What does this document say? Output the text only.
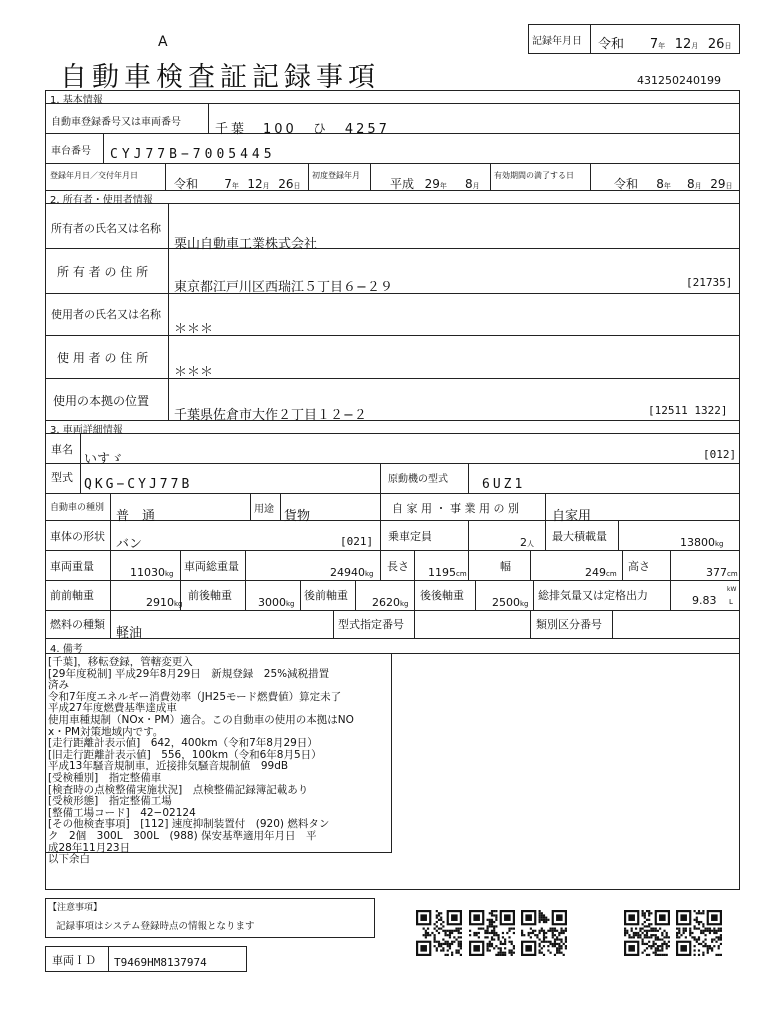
A
自動車検査証記録事項
記録年月日 令和 7年 12月 26日
431250240199
1. 基本情報
自動車登録番号又は車両番号	千葉　100　ひ　4257
車台番号 CYJ77B−7005445
登録年月日／交付年月日
令和 7年 12月 26日
初度登録年月
平成 29年 8月
有効期間の満了する日
令和 8年 8月 29日
2. 所有者・使用者情報
所有者の氏名又は名称
栗山自動車工業株式会社
所 有 者 の 住 所
東京都江戸川区西瑞江５丁目６−２９	[21735]
使用者の氏名又は名称
＊＊＊
使 用 者 の 住 所
＊＊＊
使用の本拠の位置
千葉県佐倉市大作２丁目１２−２	[12511 1322]
3. 車両詳細情報
車名
いすゞ	[012]
型式 QKG−CYJ77B	原動機の型式	6UZ1
自動車の種別
普　通	用途 貨物
自 家 用 ・ 事 業 用 の 別
自家用
車体の形状
バン	[021] 乗車定員	2人
最大積載量	13800kg
車両重量	11030kg
車両総重量	24940kg
長さ 1195cm
幅	249cm
高さ	377cm
前前軸重
2910kg
前後軸重
3000kg
後前軸重
2620kg
後後軸重
2500kg
総排気量又は定格出力	9.83
kW
L
燃料の種類
軽油
型式指定番号	類別区分番号
4. 備考
[千葉]，移転登録，管轄変更入
[29年度税制] 平成29年8月29日　新規登録　25%減税措置
済み
令和7年度エネルギー消費効率（JH25モード燃費値）算定未了
平成27年度燃費基準達成車
使用車種規制（NOx・PM）適合。この自動車の使用の本拠はNO
x・PM対策地域内です。
[走行距離計表示値]　642，400km（令和7年8月29日）
[旧走行距離計表示値]　556，100km（令和6年8月5日）
平成13年騒音規制車，近接排気騒音規制値　99dB
[受検種別]　指定整備車
[検査時の点検整備実施状況]　点検整備記録簿記載あり
[受検形態]　指定整備工場
[整備工場コード]　42−02124
[その他検査事項]　[112] 速度抑制装置付　(920) 燃料タン
ク　2個　300L　300L　(988) 保安基準適用年月日　平
成28年11月23日
以下余白
【注意事項】
記録事項はシステム登録時点の情報となります
車両ＩＤ T9469HM8137974
